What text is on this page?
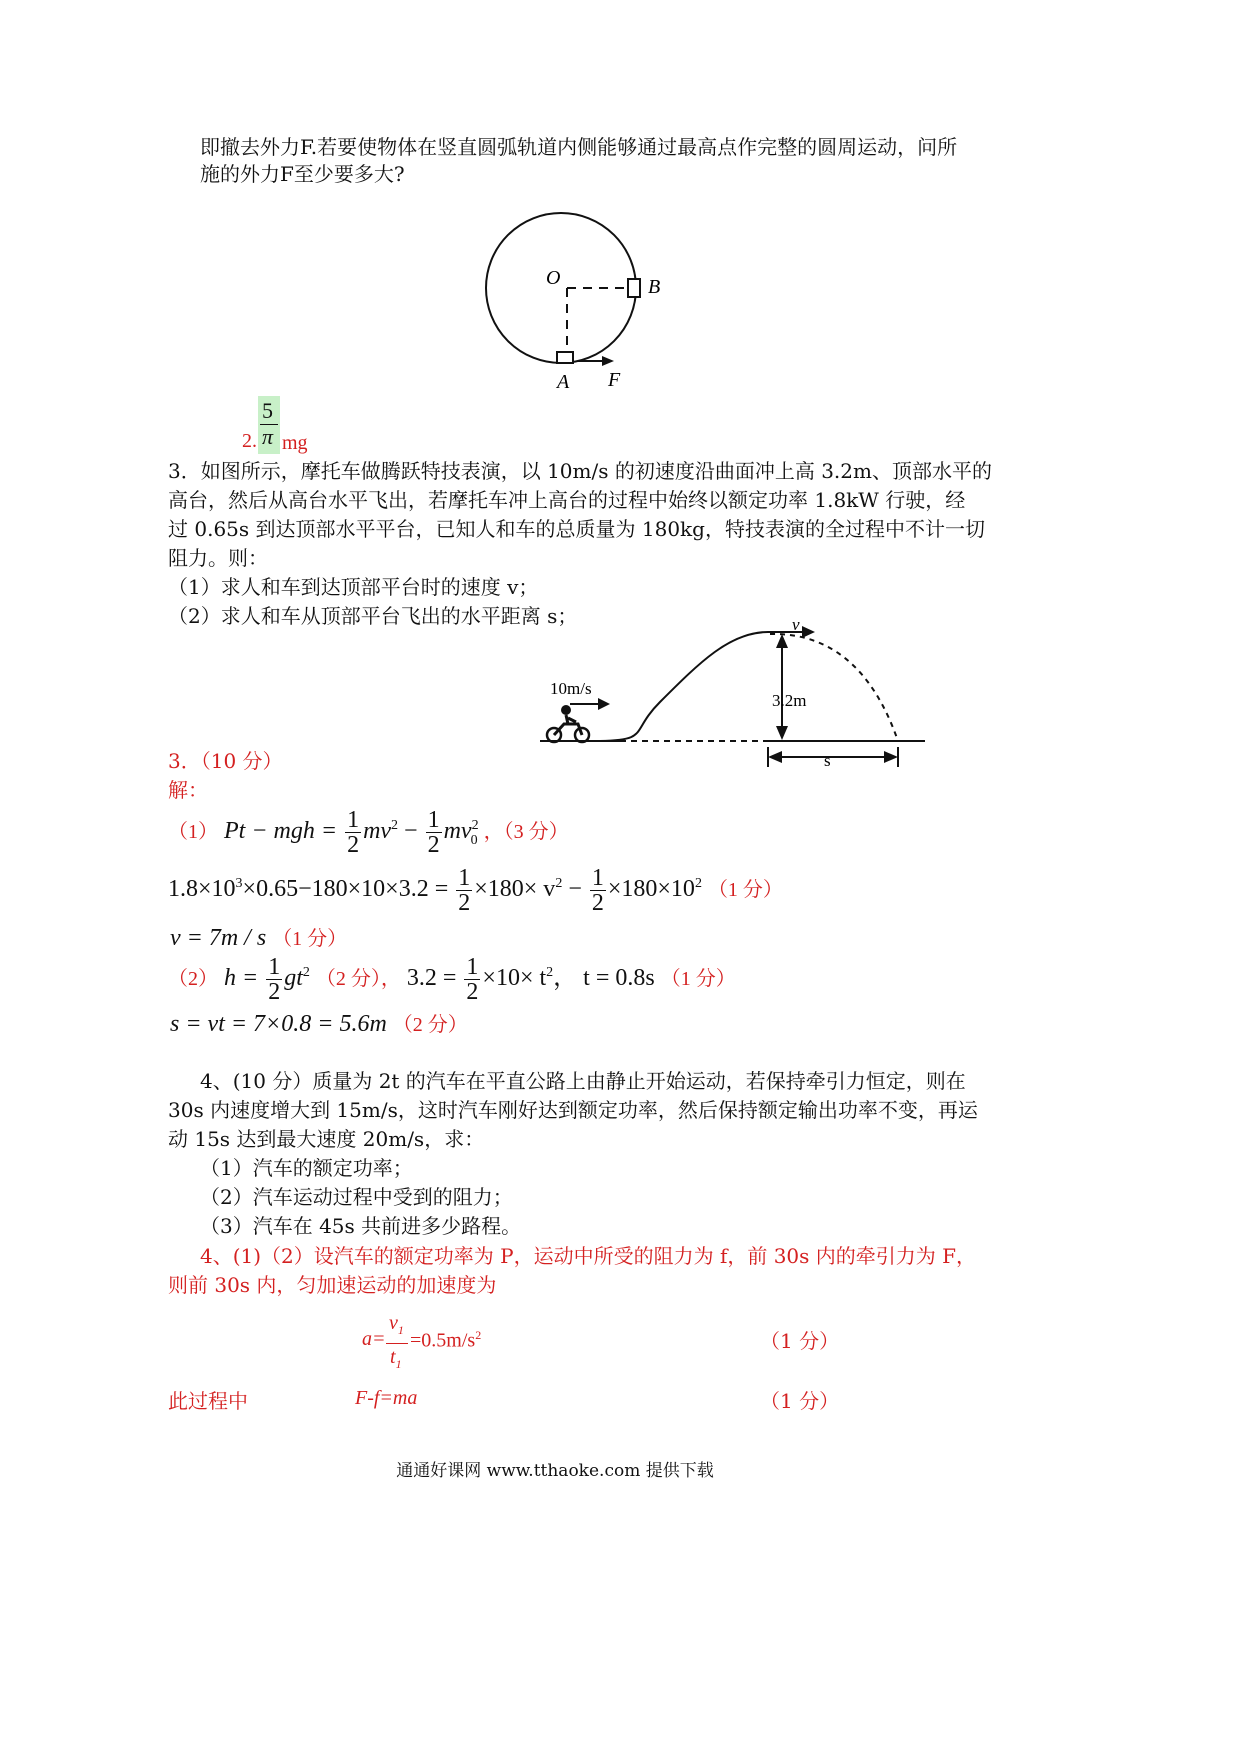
即撤去外力F.若要使物体在竖直圆弧轨道内侧能够通过最高点作完整的圆周运动，问所
施的外力F至少要多大?
O	B
A F
2.
5
π mg
3．如图所示，摩托车做腾跃特技表演，以 10m/s 的初速度沿曲面冲上高 3.2m、顶部水平的
高台，然后从高台水平飞出，若摩托车冲上高台的过程中始终以额定功率 1.8kW 行驶，经
过 0.65s 到达顶部水平平台，已知人和车的总质量为 180kg，特技表演的全过程中不计一切
阻力。则：
（1）求人和车到达顶部平台时的速度 v；
（2）求人和车从顶部平台飞出的水平距离 s；
10m/s
v
3.2m
s
3．（10 分）
解：
（1） Pt − mgh = $\frac{1}{2} mv^2 - \frac{1}{2} mv^2_0$ ，（3 分）
$1.8\times 10^3\times 0.65-180\times 10\times 3.2 = \frac{1}{2} \times 180\times v^2 - \frac{1}{2} \times 180\times 10^2$ （1 分）
v = 7m / s （1 分）
（2） $h = \frac{1}{2} gt^2$ （2 分）， $3.2 = \frac{1}{2} \times 10\times t^2$， t = 0.8s （1 分）
s = vt = 7×0.8 = 5.6m （2 分）
4、(10 分）质量为 2t 的汽车在平直公路上由静止开始运动，若保持牵引力恒定，则在
30s 内速度增大到 15m/s，这时汽车刚好达到额定功率，然后保持额定输出功率不变，再运
动 15s 达到最大速度 20m/s，求：
（1）汽车的额定功率；
（2）汽车运动过程中受到的阻力；
（3）汽车在 45s 共前进多少路程。
4、(1)（2）设汽车的额定功率为 P，运动中所受的阻力为 f，前 30s 内的牵引力为 F，
则前 30s 内，匀加速运动的加速度为
a=
$v_1$
$t_1$
$=0.5m/s^2$	（1 分）
此过程中	F-f=ma	（1 分）
通通好课网 www.tthaoke.com 提供下载
